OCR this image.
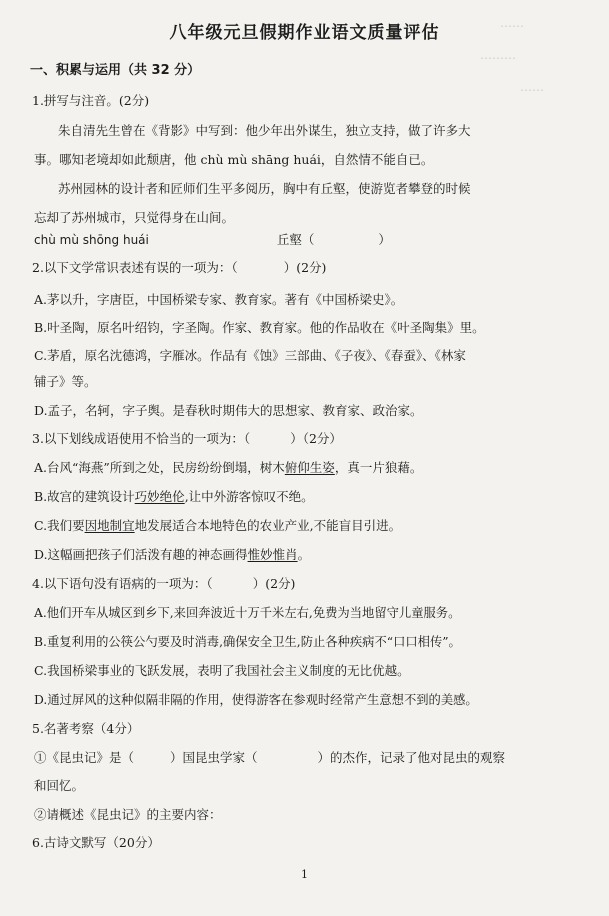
……
………
……
八年级元旦假期作业语文质量评估
一、积累与运用（共 32 分）
1.拼写与注音。(2分)
朱自清先生曾在《背影》中写到：他少年出外谋生，独立支持，做了许多大
事。哪知老境却如此颓唐，他 chù mù shāng huái，自然情不能自已。
苏州园林的设计者和匠师们生平多阅历，胸中有丘壑，使游览者攀登的时候
忘却了苏州城市，只觉得身在山间。
chù mù shōng huái	丘壑（	）
2.以下文学常识表述有误的一项为：（	）(2分)
A.茅以升，字唐臣，中国桥梁专家、教育家。著有《中国桥梁史》。
B.叶圣陶，原名叶绍钧，字圣陶。作家、教育家。他的作品收在《叶圣陶集》里。
C.茅盾，原名沈德鸿，字雁冰。作品有《蚀》三部曲、《子夜》、《春蚕》、《林家
铺子》等。
D.孟子，名轲，字子舆。是春秋时期伟大的思想家、教育家、政治家。
3.以下划线成语使用不恰当的一项为：（	）（2分）
A.台风“海燕”所到之处，民房纷纷倒塌，树木俯仰生姿，真一片狼藉。
B.故宫的建筑设计巧妙绝伦,让中外游客惊叹不绝。
C.我们要因地制宜地发展适合本地特色的农业产业,不能盲目引进。
D.这幅画把孩子们活泼有趣的神态画得惟妙惟肖。
4.以下语句没有语病的一项为：（	）(2分)
A.他们开车从城区到乡下,来回奔波近十万千米左右,免费为当地留守儿童服务。
B.重复利用的公筷公勺要及时消毒,确保安全卫生,防止各种疾病不“口口相传”。
C.我国桥梁事业的飞跃发展，表明了我国社会主义制度的无比优越。
D.通过屏风的这种似隔非隔的作用，使得游客在参观时经常产生意想不到的美感。
5.名著考察（4分）
①《昆虫记》是（	）国昆虫学家（	）的杰作，记录了他对昆虫的观察
和回忆。
②请概述《昆虫记》的主要内容：
6.古诗文默写（20分）
1
